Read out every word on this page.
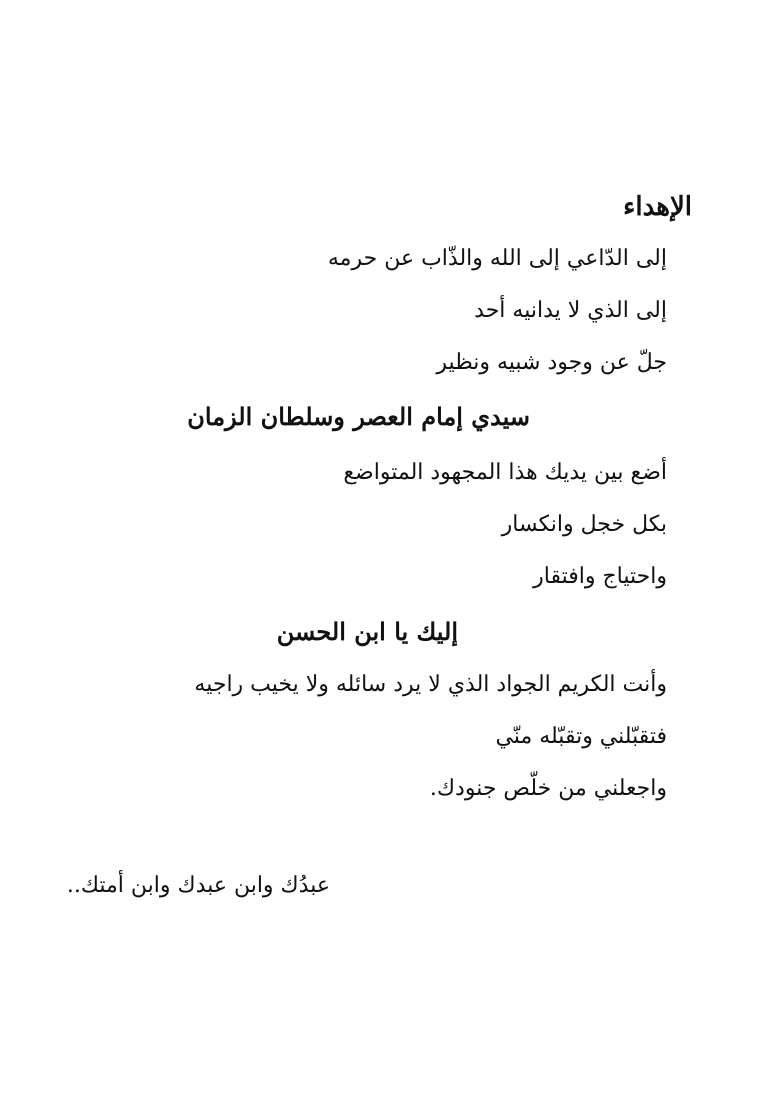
الإهداء
إلى الدّاعي إلى الله والذّاب عن حرمه
إلى الذي لا يدانيه أحد
جلّ عن وجود شبيه ونظير
سيدي إمام العصر وسلطان الزمان
أضع بين يديك هذا المجهود المتواضع
بكل خجل وانكسار
واحتياج وافتقار
إليك يا ابن الحسن
وأنت الكريم الجواد الذي لا يرد سائله ولا يخيب راجيه
فتقبّلني وتقبّله منّي
واجعلني من خلّص جنودك.
عبدُك وابن عبدك وابن أمتك..
